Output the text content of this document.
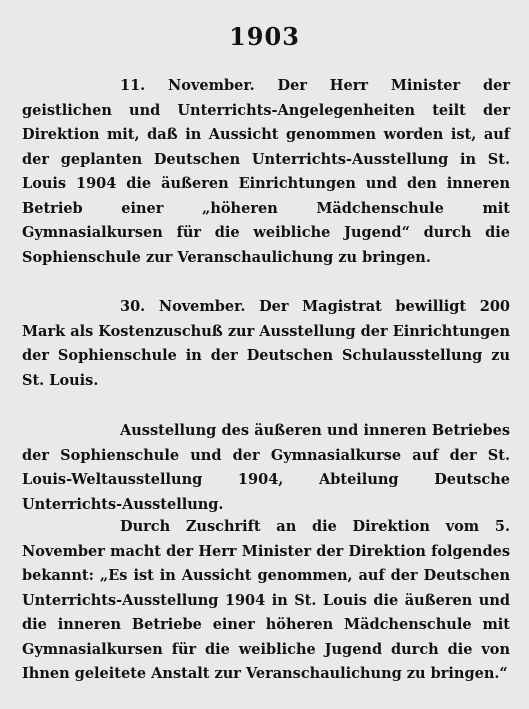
1903

11. November. Der Herr Minister der geistlichen und Unterrichts-Angelegenheiten teilt der Direktion mit, daß in Aussicht genommen worden ist, auf der geplanten Deutschen Unterrichts-Ausstellung in St. Louis 1904 die äußeren Einrichtungen und den inneren Betrieb einer „höheren Mädchenschule mit Gymnasialkursen für die weibliche Jugend“ durch die Sophienschule zur Veranschaulichung zu bringen.

30. November. Der Magistrat bewilligt 200 Mark als Kostenzuschuß zur Ausstellung der Einrichtungen der Sophienschule in der Deutschen Schulausstellung zu St. Louis.

Ausstellung des äußeren und inneren Betriebes der Sophienschule und der Gymnasialkurse auf der St. Louis-Weltausstellung 1904, Abteilung Deutsche Unterrichts-Ausstellung.

Durch Zuschrift an die Direktion vom 5. November macht der Herr Minister der Direktion folgendes bekannt: „Es ist in Aussicht genommen, auf der Deutschen Unterrichts-Ausstellung 1904 in St. Louis die äußeren und die inneren Betriebe einer höheren Mädchenschule mit Gymnasialkursen für die weibliche Jugend durch die von Ihnen geleitete Anstalt zur Veranschaulichung zu bringen.“
